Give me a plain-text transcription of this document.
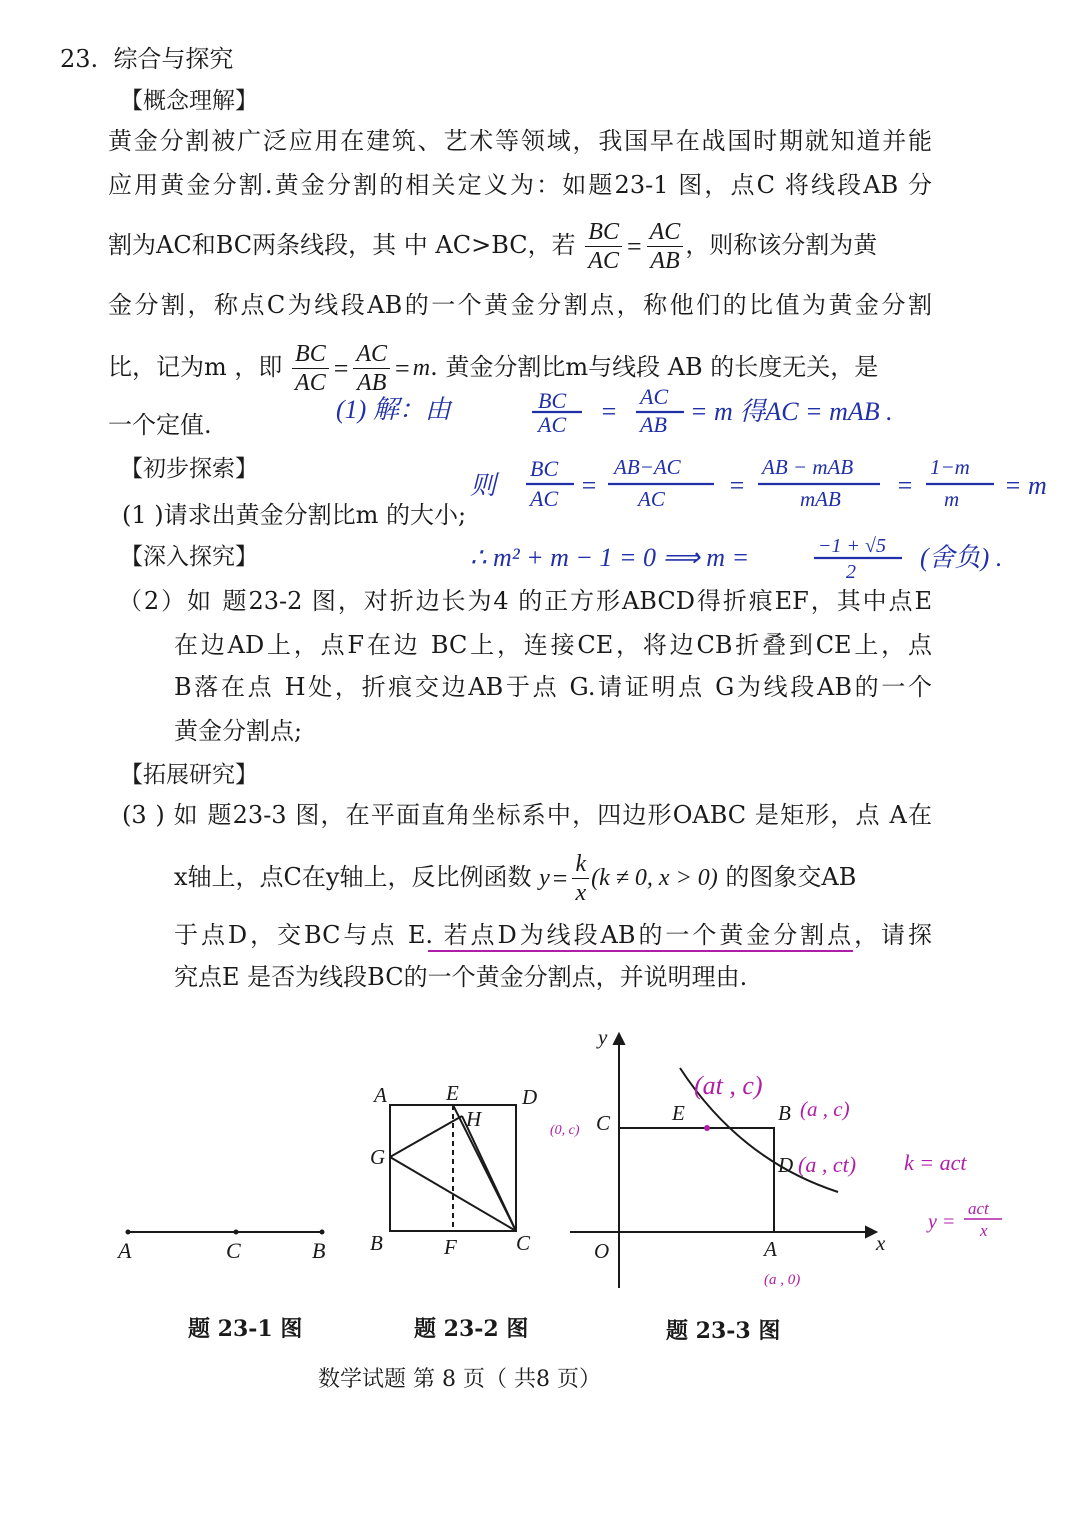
23. 综合与探究
【概念理解】
黄金分割被广泛应用在建筑、艺术等领域，我国早在战国时期就知道并能
应用黄金分割.黄金分割的相关定义为：如题23-1 图，点C 将线段AB 分
割为AC和BC两条线段，其 中 AC>BC，若 $\frac{BC}{AC} = \frac{AC}{AB}$ ，则称该分割为黄
金分割，称点C为线段AB的一个黄金分割点，称他们的比值为黄金分割
比，记为m ，即 $\frac{BC}{AC} = \frac{AC}{AB} = m$. 黄金分割比m与线段 AB 的长度无关，是
一个定值.
【初步探索】
(1 )请求出黄金分割比m 的大小;
【深入探究】
（2）如 题23-2 图，对折边长为4 的正方形ABCD得折痕EF，其中点E
在边AD上，点F在边 BC上，连接CE，将边CB折叠到CE上，点
B落在点 H处，折痕交边AB于点 G.请证明点 G为线段AB的一个
黄金分割点;
【拓展研究】
(3 ) 如 题23-3 图，在平面直角坐标系中，四边形OABC 是矩形，点 A在
x轴上，点C在y轴上，反比例函数 $y = \frac{k}{x} (k \ne 0$, x > 0) 的图象交AB
于点D，交BC与点 E. 若点D为线段AB的一个黄金分割点，请探
究点E 是否为线段BC的一个黄金分割点，并说明理由.
(1) 解：由	BC
AC =
AC
AB = m 得AC = mAB .
则
BC
AC =
AB−AC
AC =
AB − mAB
mAB =
1−m
m = m
∴ m² + m − 1 = 0 ⟹ m =	−1 + √5
2 (舍负) .
A	C	B
A	E	D
H
G
B	F	C
y
x
O
C	E	B
D
A
(at , c)
(a , c)
(a , ct)
(0, c)
(a , 0)
k = act
y =
act
x
题 23-1 图	题 23-2 图	题 23-3 图
数学试题 第 8 页（ 共8 页）
